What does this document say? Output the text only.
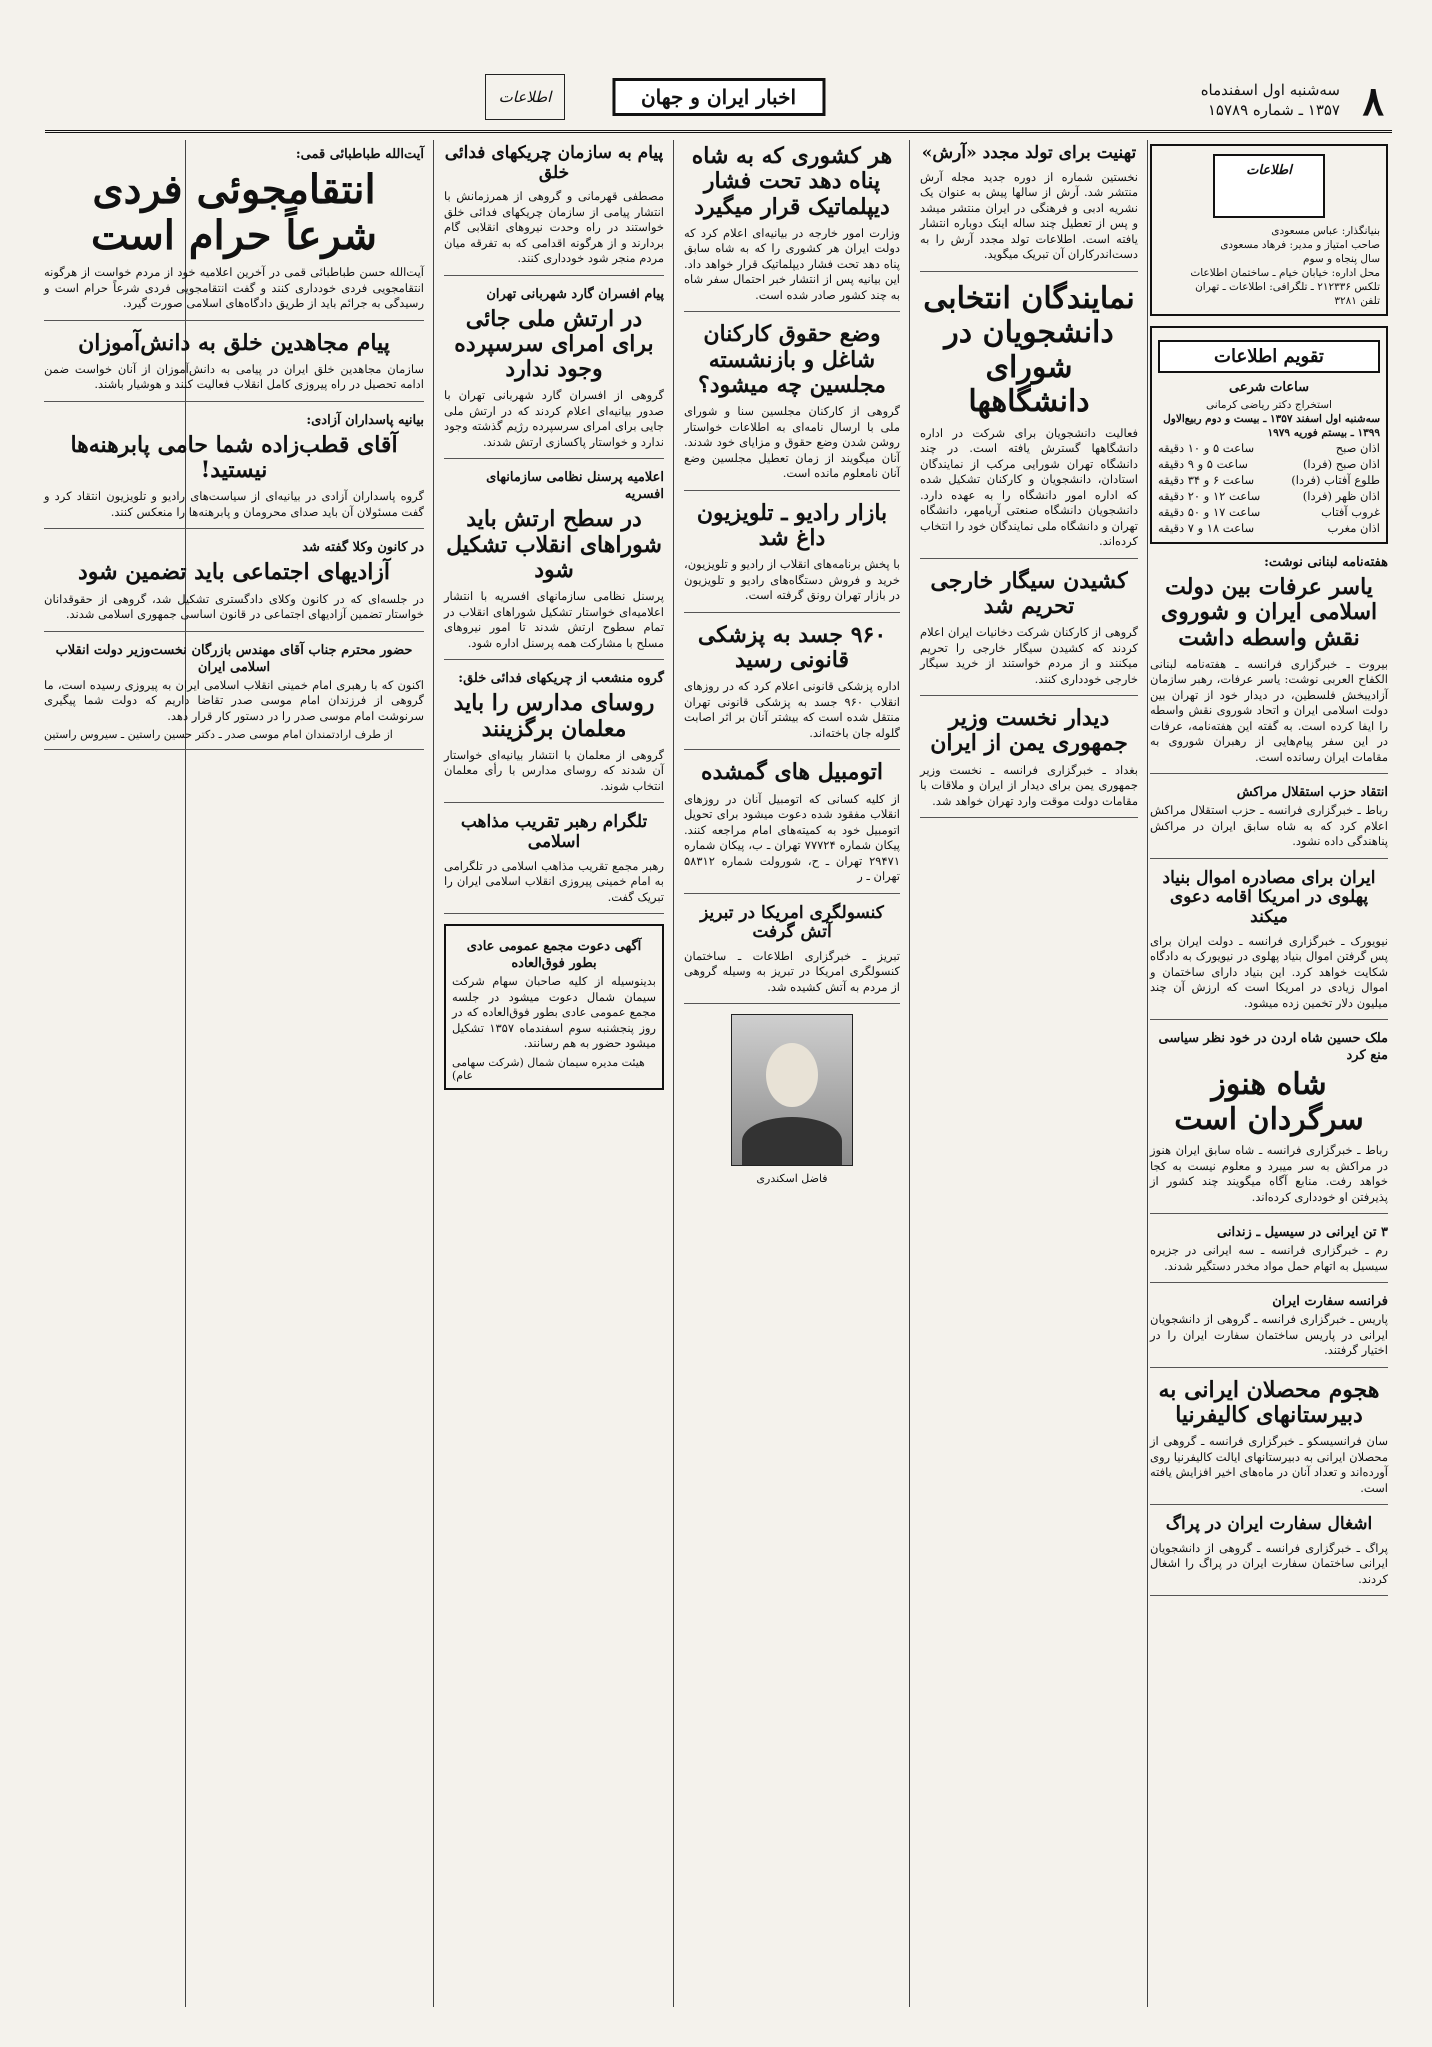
۸
سه‌شنبه اول اسفندماه
۱۳۵۷ ـ شماره ۱۵۷۸۹
اخبار ایران و جهان
اطلاعات
اطلاعات
بنیانگذار: عباس مسعودی
صاحب امتیاز و مدیر: فرهاد مسعودی
سال پنجاه و سوم
محل اداره: خیابان خیام ـ ساختمان اطلاعات
تلکس ۲۱۲۳۳۶ ـ تلگرافی: اطلاعات ـ تهران
تلفن ۳۲۸۱
تقویم اطلاعات
ساعات شرعی
استخراج دکتر ریاضی کرمانی
سه‌شنبه اول اسفند ۱۳۵۷ ـ بیست و دوم ربیع‌الاول ۱۳۹۹ ـ بیستم فوریه ۱۹۷۹
اذان صبح
ساعت ۵ و ۱۰ دقیقه
اذان صبح (فردا)
ساعت ۵ و ۹ دقیقه
طلوع آفتاب (فردا)
ساعت ۶ و ۳۴ دقیقه
اذان ظهر (فردا)
ساعت ۱۲ و ۲۰ دقیقه
غروب آفتاب
ساعت ۱۷ و ۵۰ دقیقه
اذان مغرب
ساعت ۱۸ و ۷ دقیقه
هفته‌نامه لبنانی نوشت:
یاسر عرفات بین دولت اسلامی ایران و شوروی نقش واسطه داشت
بیروت ـ خبرگزاری فرانسه ـ هفته‌نامه لبنانی الکفاح العربی نوشت: یاسر عرفات، رهبر سازمان آزادیبخش فلسطین، در دیدار خود از تهران بین دولت اسلامی ایران و اتحاد شوروی نقش واسطه را ایفا کرده است. به گفته این هفته‌نامه، عرفات در این سفر پیام‌هایی از رهبران شوروی به مقامات ایران رسانده است.
انتقاد حزب استقلال مراکش
رباط ـ خبرگزاری فرانسه ـ حزب استقلال مراکش اعلام کرد که به شاه سابق ایران در مراکش پناهندگی داده نشود.
ایران برای مصادره اموال بنیاد پهلوی در امریکا اقامه دعوی میکند
نیویورک ـ خبرگزاری فرانسه ـ دولت ایران برای پس گرفتن اموال بنیاد پهلوی در نیویورک به دادگاه شکایت خواهد کرد. این بنیاد دارای ساختمان و اموال زیادی در امریکا است که ارزش آن چند میلیون دلار تخمین زده میشود.
ملک حسین شاه اردن در خود نظر سیاسی منع کرد
شاه هنوز سرگردان است
رباط ـ خبرگزاری فرانسه ـ شاه سابق ایران هنوز در مراکش به سر میبرد و معلوم نیست به کجا خواهد رفت. منابع آگاه میگویند چند کشور از پذیرفتن او خودداری کرده‌اند.
۳ تن ایرانی در سیسیل ـ زندانی
رم ـ خبرگزاری فرانسه ـ سه ایرانی در جزیره سیسیل به اتهام حمل مواد مخدر دستگیر شدند.
فرانسه سفارت ایران
پاریس ـ خبرگزاری فرانسه ـ گروهی از دانشجویان ایرانی در پاریس ساختمان سفارت ایران را در اختیار گرفتند.
هجوم محصلان ایرانی به دبیرستانهای کالیفرنیا
سان فرانسیسکو ـ خبرگزاری فرانسه ـ گروهی از محصلان ایرانی به دبیرستانهای ایالت کالیفرنیا روی آورده‌اند و تعداد آنان در ماه‌های اخیر افزایش یافته است.
اشغال سفارت ایران در پراگ
پراگ ـ خبرگزاری فرانسه ـ گروهی از دانشجویان ایرانی ساختمان سفارت ایران در پراگ را اشغال کردند.
تهنیت برای تولد مجدد «آرش»
نخستین شماره از دوره جدید مجله آرش منتشر شد. آرش از سالها پیش به عنوان یک نشریه ادبی و فرهنگی در ایران منتشر میشد و پس از تعطیل چند ساله اینک دوباره انتشار یافته است. اطلاعات تولد مجدد آرش را به دست‌اندرکاران آن تبریک میگوید.
نمایندگان انتخابی دانشجویان در شورای دانشگاهها
فعالیت دانشجویان برای شرکت در اداره دانشگاهها گسترش یافته است. در چند دانشگاه تهران شورایی مرکب از نمایندگان استادان، دانشجویان و کارکنان تشکیل شده که اداره امور دانشگاه را به عهده دارد. دانشجویان دانشگاه صنعتی آریامهر، دانشگاه تهران و دانشگاه ملی نمایندگان خود را انتخاب کرده‌اند.
کشیدن سیگار خارجی تحریم شد
گروهی از کارکنان شرکت دخانیات ایران اعلام کردند که کشیدن سیگار خارجی را تحریم میکنند و از مردم خواستند از خرید سیگار خارجی خودداری کنند.
دیدار نخست وزیر جمهوری یمن از ایران
بغداد ـ خبرگزاری فرانسه ـ نخست وزیر جمهوری یمن برای دیدار از ایران و ملاقات با مقامات دولت موقت وارد تهران خواهد شد.
هر کشوری که به شاه پناه دهد تحت فشار دیپلماتیک قرار میگیرد
وزارت امور خارجه در بیانیه‌ای اعلام کرد که دولت ایران هر کشوری را که به شاه سابق پناه دهد تحت فشار دیپلماتیک قرار خواهد داد. این بیانیه پس از انتشار خبر احتمال سفر شاه به چند کشور صادر شده است.
وضع حقوق کارکنان شاغل و بازنشسته مجلسین چه میشود؟
گروهی از کارکنان مجلسین سنا و شورای ملی با ارسال نامه‌ای به اطلاعات خواستار روشن شدن وضع حقوق و مزایای خود شدند. آنان میگویند از زمان تعطیل مجلسین وضع آنان نامعلوم مانده است.
بازار رادیو ـ تلویزیون داغ شد
با پخش برنامه‌های انقلاب از رادیو و تلویزیون، خرید و فروش دستگاه‌های رادیو و تلویزیون در بازار تهران رونق گرفته است.
۹۶۰ جسد به پزشکی قانونی رسید
اداره پزشکی قانونی اعلام کرد که در روزهای انقلاب ۹۶۰ جسد به پزشکی قانونی تهران منتقل شده است که بیشتر آنان بر اثر اصابت گلوله جان باخته‌اند.
اتومبیل های گمشده
از کلیه کسانی که اتومبیل آنان در روزهای انقلاب مفقود شده دعوت میشود برای تحویل اتومبیل خود به کمیته‌های امام مراجعه کنند. پیکان شماره ۷۷۷۲۴ تهران ـ ب، پیکان شماره ۲۹۴۷۱ تهران ـ ح، شورولت شماره ۵۸۳۱۲ تهران ـ ر
کنسولگری امریکا در تبریز آتش گرفت
تبریز ـ خبرگزاری اطلاعات ـ ساختمان کنسولگری امریکا در تبریز به وسیله گروهی از مردم به آتش کشیده شد.
فاضل اسکندری
پیام به سازمان چریکهای فدائی خلق
مصطفی قهرمانی و گروهی از همرزمانش با انتشار پیامی از سازمان چریکهای فدائی خلق خواستند در راه وحدت نیروهای انقلابی گام بردارند و از هرگونه اقدامی که به تفرقه میان مردم منجر شود خودداری کنند.
پیام افسران گارد شهربانی تهران
در ارتش ملی جائی برای امرای سرسپرده وجود ندارد
گروهی از افسران گارد شهربانی تهران با صدور بیانیه‌ای اعلام کردند که در ارتش ملی جایی برای امرای سرسپرده رژیم گذشته وجود ندارد و خواستار پاکسازی ارتش شدند.
اعلامیه پرسنل نظامی سازمانهای افسریه
در سطح ارتش باید شوراهای انقلاب تشکیل شود
پرسنل نظامی سازمانهای افسریه با انتشار اعلامیه‌ای خواستار تشکیل شوراهای انقلاب در تمام سطوح ارتش شدند تا امور نیروهای مسلح با مشارکت همه پرسنل اداره شود.
گروه منشعب از چریکهای فدائی خلق:
روسای مدارس را باید معلمان برگزینند
گروهی از معلمان با انتشار بیانیه‌ای خواستار آن شدند که روسای مدارس با رأی معلمان انتخاب شوند.
تلگرام رهبر تقریب مذاهب اسلامی
رهبر مجمع تقریب مذاهب اسلامی در تلگرامی به امام خمینی پیروزی انقلاب اسلامی ایران را تبریک گفت.
آگهی دعوت مجمع عمومی عادی بطور فوق‌العاده
بدینوسیله از کلیه صاحبان سهام شرکت سیمان شمال دعوت میشود در جلسه مجمع عمومی عادی بطور فوق‌العاده که در روز پنجشنبه سوم اسفندماه ۱۳۵۷ تشکیل میشود حضور به هم رسانند.
هیئت مدیره سیمان شمال (شرکت سهامی عام)
آیت‌الله طباطبائی قمی:
انتقامجوئی فردی شرعاً حرام است
آیت‌الله حسن طباطبائی قمی در آخرین اعلامیه خود از مردم خواست از هرگونه انتقامجویی فردی خودداری کنند و گفت انتقامجویی فردی شرعاً حرام است و رسیدگی به جرائم باید از طریق دادگاه‌های اسلامی صورت گیرد.
پیام مجاهدین خلق به دانش‌آموزان
سازمان مجاهدین خلق ایران در پیامی به دانش‌آموزان از آنان خواست ضمن ادامه تحصیل در راه پیروزی کامل انقلاب فعالیت کنند و هوشیار باشند.
بیانیه پاسداران آزادی:
آقای قطب‌زاده شما حامی پابرهنه‌ها نیستید!
گروه پاسداران آزادی در بیانیه‌ای از سیاست‌های رادیو و تلویزیون انتقاد کرد و گفت مسئولان آن باید صدای محرومان و پابرهنه‌ها را منعکس کنند.
در کانون وکلا گفته شد
آزادیهای اجتماعی باید تضمین شود
در جلسه‌ای که در کانون وکلای دادگستری تشکیل شد، گروهی از حقوقدانان خواستار تضمین آزادیهای اجتماعی در قانون اساسی جمهوری اسلامی شدند.
حضور محترم جناب آقای مهندس بازرگان نخست‌وزیر دولت انقلاب اسلامی ایران
اکنون که با رهبری امام خمینی انقلاب اسلامی ایران به پیروزی رسیده است، ما گروهی از فرزندان امام موسی صدر تقاضا داریم که دولت شما پیگیری سرنوشت امام موسی صدر را در دستور کار قرار دهد.
از طرف ارادتمندان امام موسی صدر ـ دکتر حسین راستین ـ سیروس راستین
